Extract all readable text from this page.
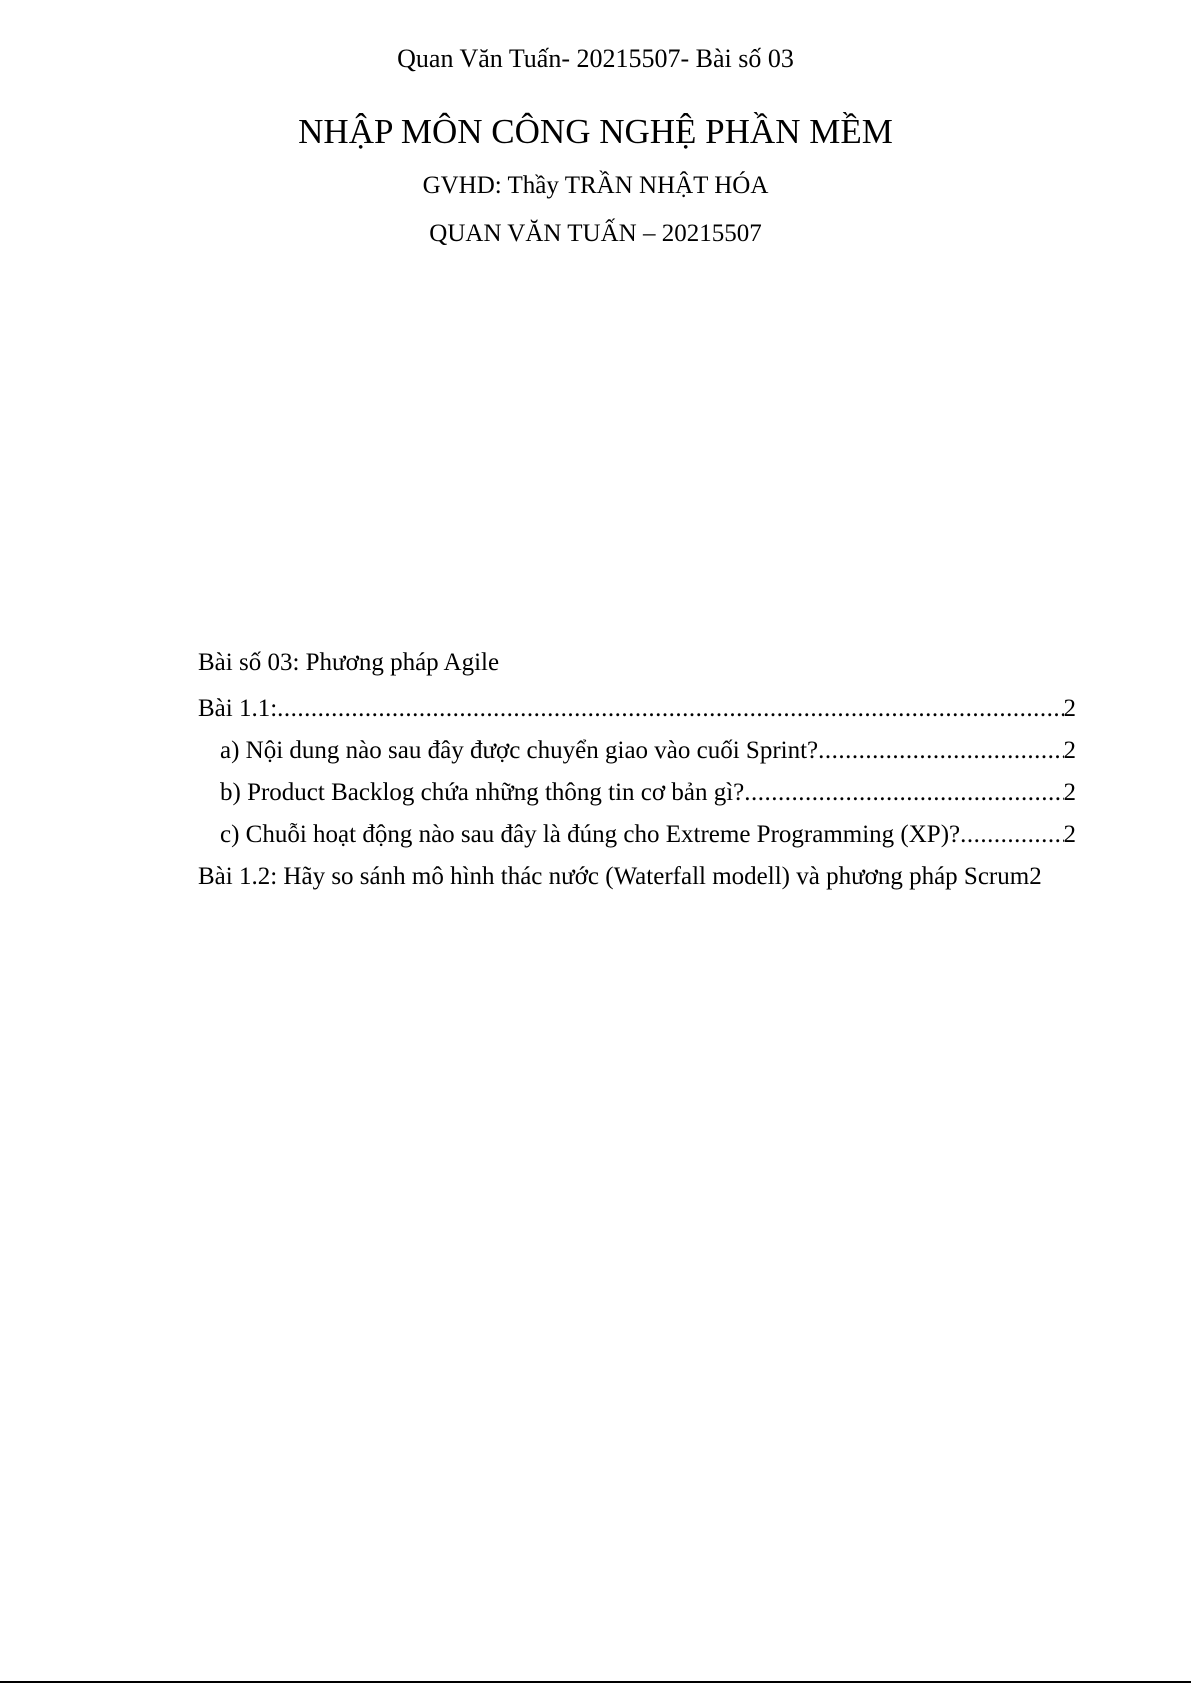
Quan Văn Tuấn- 20215507- Bài số 03
NHẬP MÔN CÔNG NGHỆ PHẦN MỀM
GVHD: Thầy TRẦN NHẬT HÓA
QUAN VĂN TUẤN – 20215507
Bài số 03: Phương pháp Agile
Bài 1.1: .....	2
a) Nội dung nào sau đây được chuyển giao vào cuối Sprint? .....	2
b) Product Backlog chứa những thông tin cơ bản gì? .....	2
c) Chuỗi hoạt động nào sau đây là đúng cho Extreme Programming (XP)? .....	2
Bài 1.2: Hãy so sánh mô hình thác nước (Waterfall modell) và phương pháp Scrum 2
